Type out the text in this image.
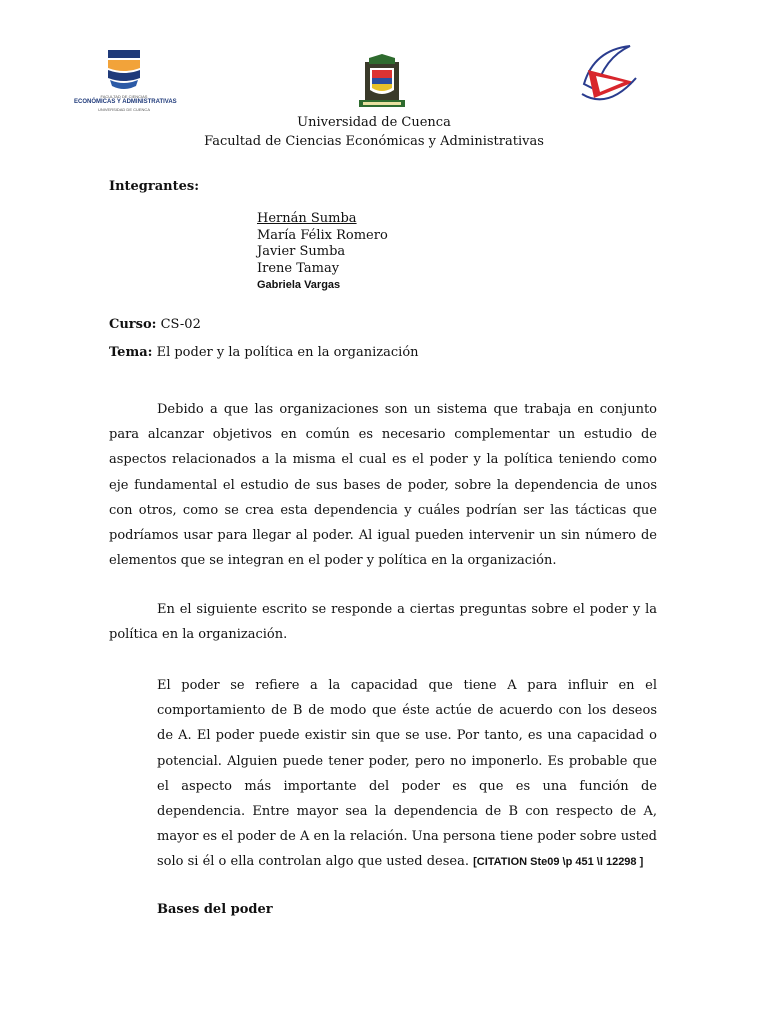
FACULTAD DE CIENCIAS
ECONÓMICAS Y ADMINISTRATIVAS
UNIVERSIDAD DE CUENCA
Universidad de Cuenca
Facultad de Ciencias Económicas y Administrativas
Integrantes:
Hernán Sumba
María Félix Romero
Javier Sumba
Irene Tamay
Gabriela Vargas
Curso: CS-02
Tema: El poder y la política en la organización

Debido a que las organizaciones son un sistema que trabaja en conjunto para alcanzar objetivos en común es necesario complementar un estudio de aspectos relacionados a la misma el cual es el poder y la política teniendo como eje fundamental el estudio de sus bases de poder, sobre la dependencia de unos con otros, como se crea esta dependencia y cuáles podrían ser las tácticas que podríamos usar para llegar al poder. Al igual pueden intervenir un sin número de elementos que se integran en el poder y política en la organización.

En el siguiente escrito se responde a ciertas preguntas sobre el poder y la política en la organización.

El poder se refiere a la capacidad que tiene A para influir en el comportamiento de B de modo que éste actúe de acuerdo con los deseos de A. El poder puede existir sin que se use. Por tanto, es una capacidad o potencial. Alguien puede tener poder, pero no imponerlo. Es probable que el aspecto más importante del poder es que es una función de dependencia. Entre mayor sea la dependencia de B con respecto de A, mayor es el poder de A en la relación. Una persona tiene poder sobre usted solo si él o ella controlan algo que usted desea. [CITATION Ste09 \p 451 \l 12298 ]

Bases del poder
